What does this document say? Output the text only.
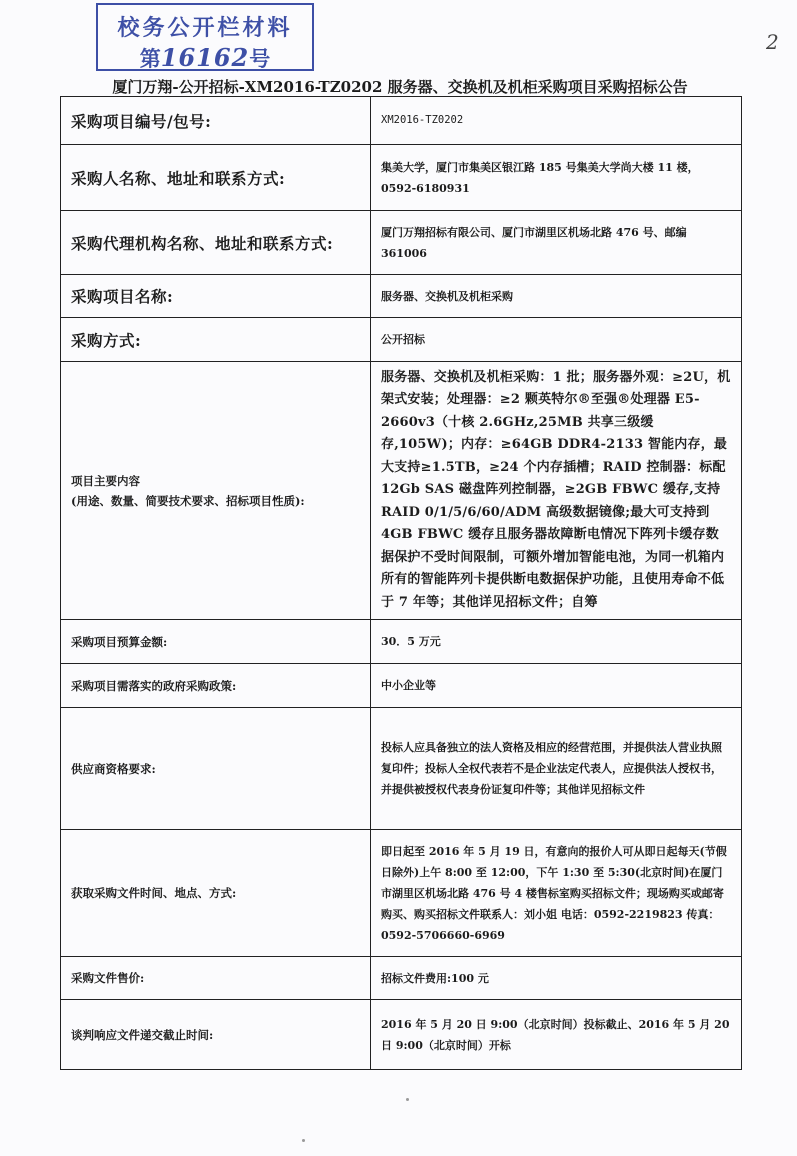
校务公开栏材料
第16162号
2
厦门万翔-公开招标-XM2016-TZ0202 服务器、交换机及机柜采购项目采购招标公告
采购项目编号/包号:	XM2016-TZ0202
采购人名称、地址和联系方式:	集美大学，厦门市集美区银江路 185 号集美大学尚大楼 11 楼，0592-6180931
采购代理机构名称、地址和联系方式:	厦门万翔招标有限公司、厦门市湖里区机场北路 476 号、邮编 361006
采购项目名称:	服务器、交换机及机柜采购
采购方式:	公开招标
项目主要内容
(用途、数量、简要技术要求、招标项目性质):	服务器、交换机及机柜采购：1 批；服务器外观：≥2U，机架式安装；处理器：≥2 颗英特尔®至强®处理器 E5-2660v3（十核 2.6GHz,25MB 共享三级缓存,105W)；内存：≥64GB DDR4-2133 智能内存，最大支持≥1.5TB，≥24 个内存插槽；RAID 控制器：标配 12Gb SAS 磁盘阵列控制器，≥2GB FBWC 缓存,支持 RAID 0/1/5/6/60/ADM 高级数据镜像;最大可支持到 4GB FBWC 缓存且服务器故障断电情况下阵列卡缓存数据保护不受时间限制，可额外增加智能电池，为同一机箱内所有的智能阵列卡提供断电数据保护功能，且使用寿命不低于 7 年等；其他详见招标文件；自筹
采购项目预算金额:	30．5 万元
采购项目需落实的政府采购政策:	中小企业等
供应商资格要求:	投标人应具备独立的法人资格及相应的经营范围，并提供法人营业执照复印件；投标人全权代表若不是企业法定代表人，应提供法人授权书，并提供被授权代表身份证复印件等；其他详见招标文件
获取采购文件时间、地点、方式:	即日起至 2016 年 5 月 19 日，有意向的报价人可从即日起每天(节假日除外)上午 8:00 至 12:00，下午 1:30 至 5:30(北京时间)在厦门市湖里区机场北路 476 号 4 楼售标室购买招标文件；现场购买或邮寄购买、购买招标文件联系人：刘小姐 电话：0592-2219823 传真：0592-5706660-6969
采购文件售价:	招标文件费用:100 元
谈判响应文件递交截止时间:	2016 年 5 月 20 日 9:00（北京时间）投标截止、2016 年 5 月 20 日 9:00（北京时间）开标
